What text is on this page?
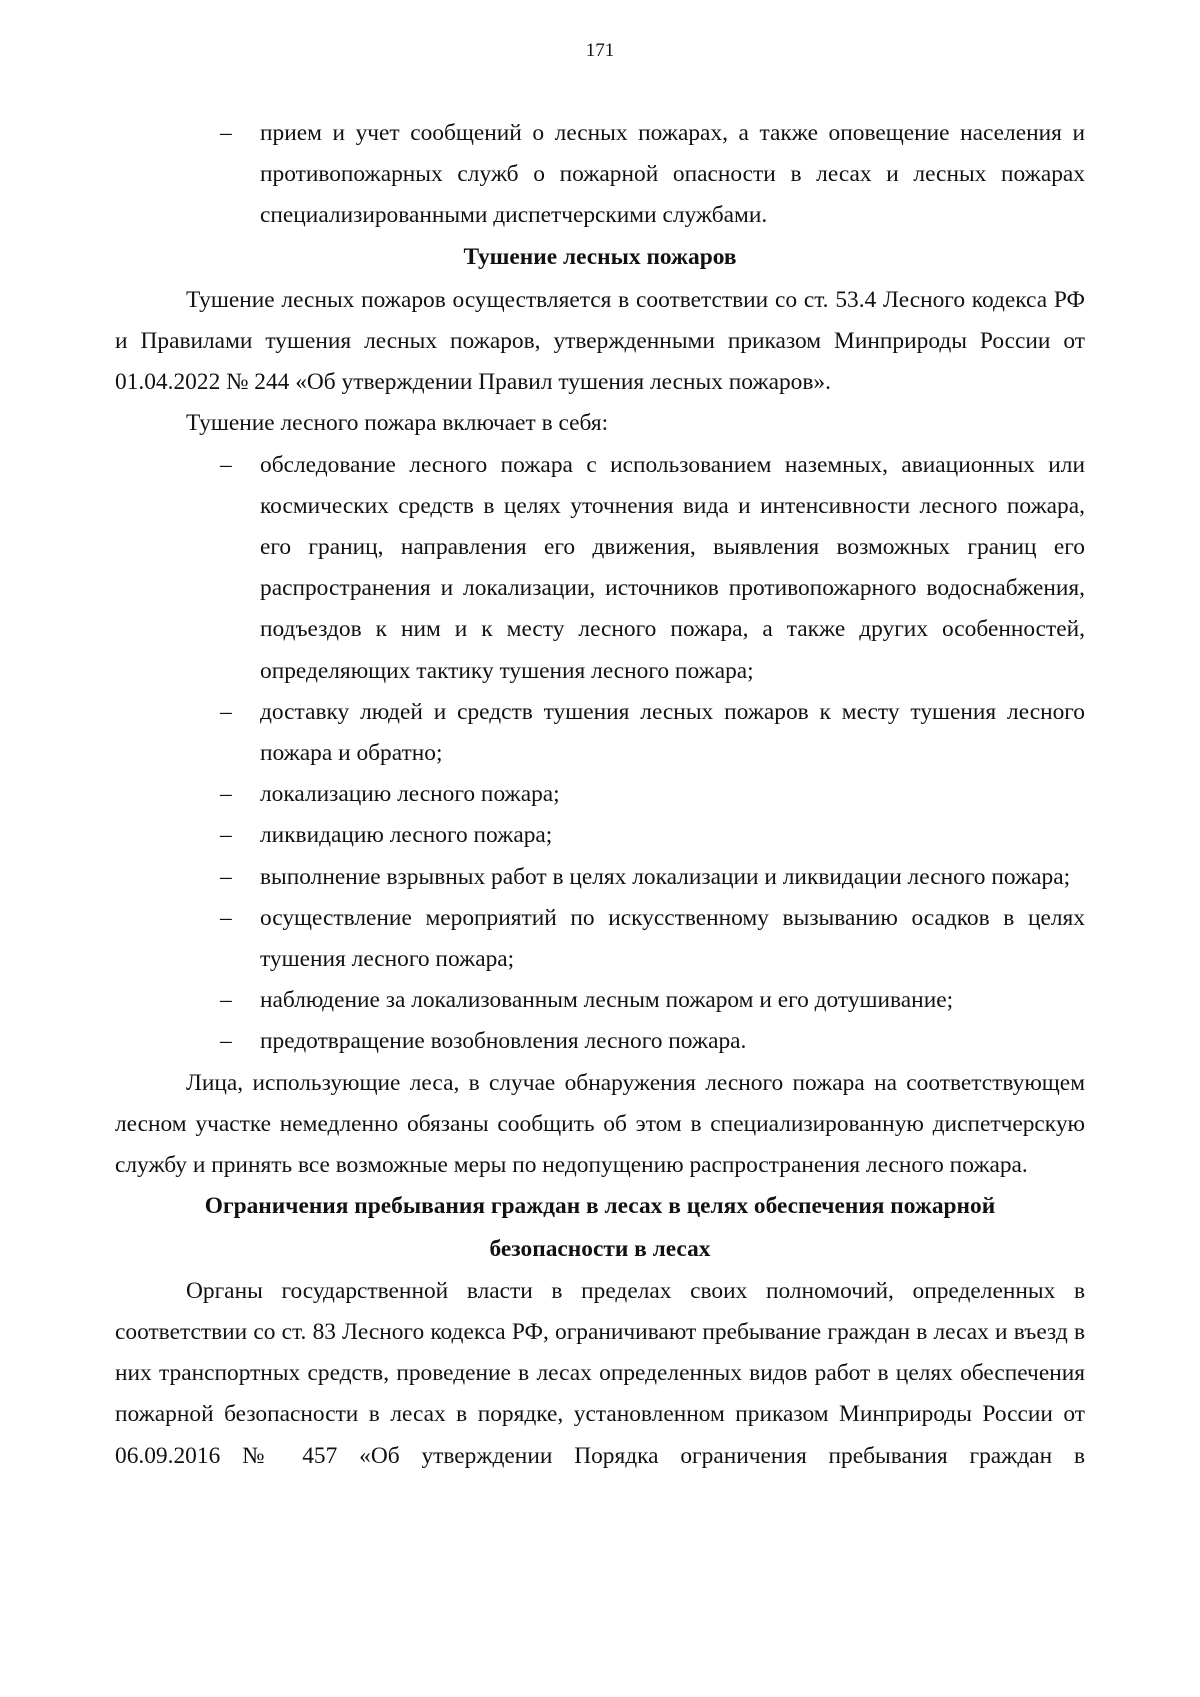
171
– прием и учет сообщений о лесных пожарах, а также оповещение населения и противопожарных служб о пожарной опасности в лесах и лесных пожарах специализированными диспетчерскими службами.
Тушение лесных пожаров
Тушение лесных пожаров осуществляется в соответствии со ст. 53.4 Лесного кодекса РФ и Правилами тушения лесных пожаров, утвержденными приказом Минприроды России от 01.04.2022 № 244 «Об утверждении Правил тушения лесных пожаров».
Тушение лесного пожара включает в себя:
– обследование лесного пожара с использованием наземных, авиационных или космических средств в целях уточнения вида и интенсивности лесного пожара, его границ, направления его движения, выявления возможных границ его распространения и локализации, источников противопожарного водоснабжения, подъездов к ним и к месту лесного пожара, а также других особенностей, определяющих тактику тушения лесного пожара;
– доставку людей и средств тушения лесных пожаров к месту тушения лесного пожара и обратно;
– локализацию лесного пожара;
– ликвидацию лесного пожара;
– выполнение взрывных работ в целях локализации и ликвидации лесного пожара;
– осуществление мероприятий по искусственному вызыванию осадков в целях тушения лесного пожара;
– наблюдение за локализованным лесным пожаром и его дотушивание;
– предотвращение возобновления лесного пожара.
Лица, использующие леса, в случае обнаружения лесного пожара на соответствующем лесном участке немедленно обязаны сообщить об этом в специализированную диспетчерскую службу и принять все возможные меры по недопущению распространения лесного пожара.
Ограничения пребывания граждан в лесах в целях обеспечения пожарной
безопасности в лесах
Органы государственной власти в пределах своих полномочий, определенных в соответствии со ст. 83 Лесного кодекса РФ, ограничивают пребывание граждан в лесах и въезд в них транспортных средств, проведение в лесах определенных видов работ в целях обеспечения пожарной безопасности в лесах в порядке, установленном приказом Минприроды России от 06.09.2016 № 457 «Об утверждении Порядка ограничения пребывания граждан в
